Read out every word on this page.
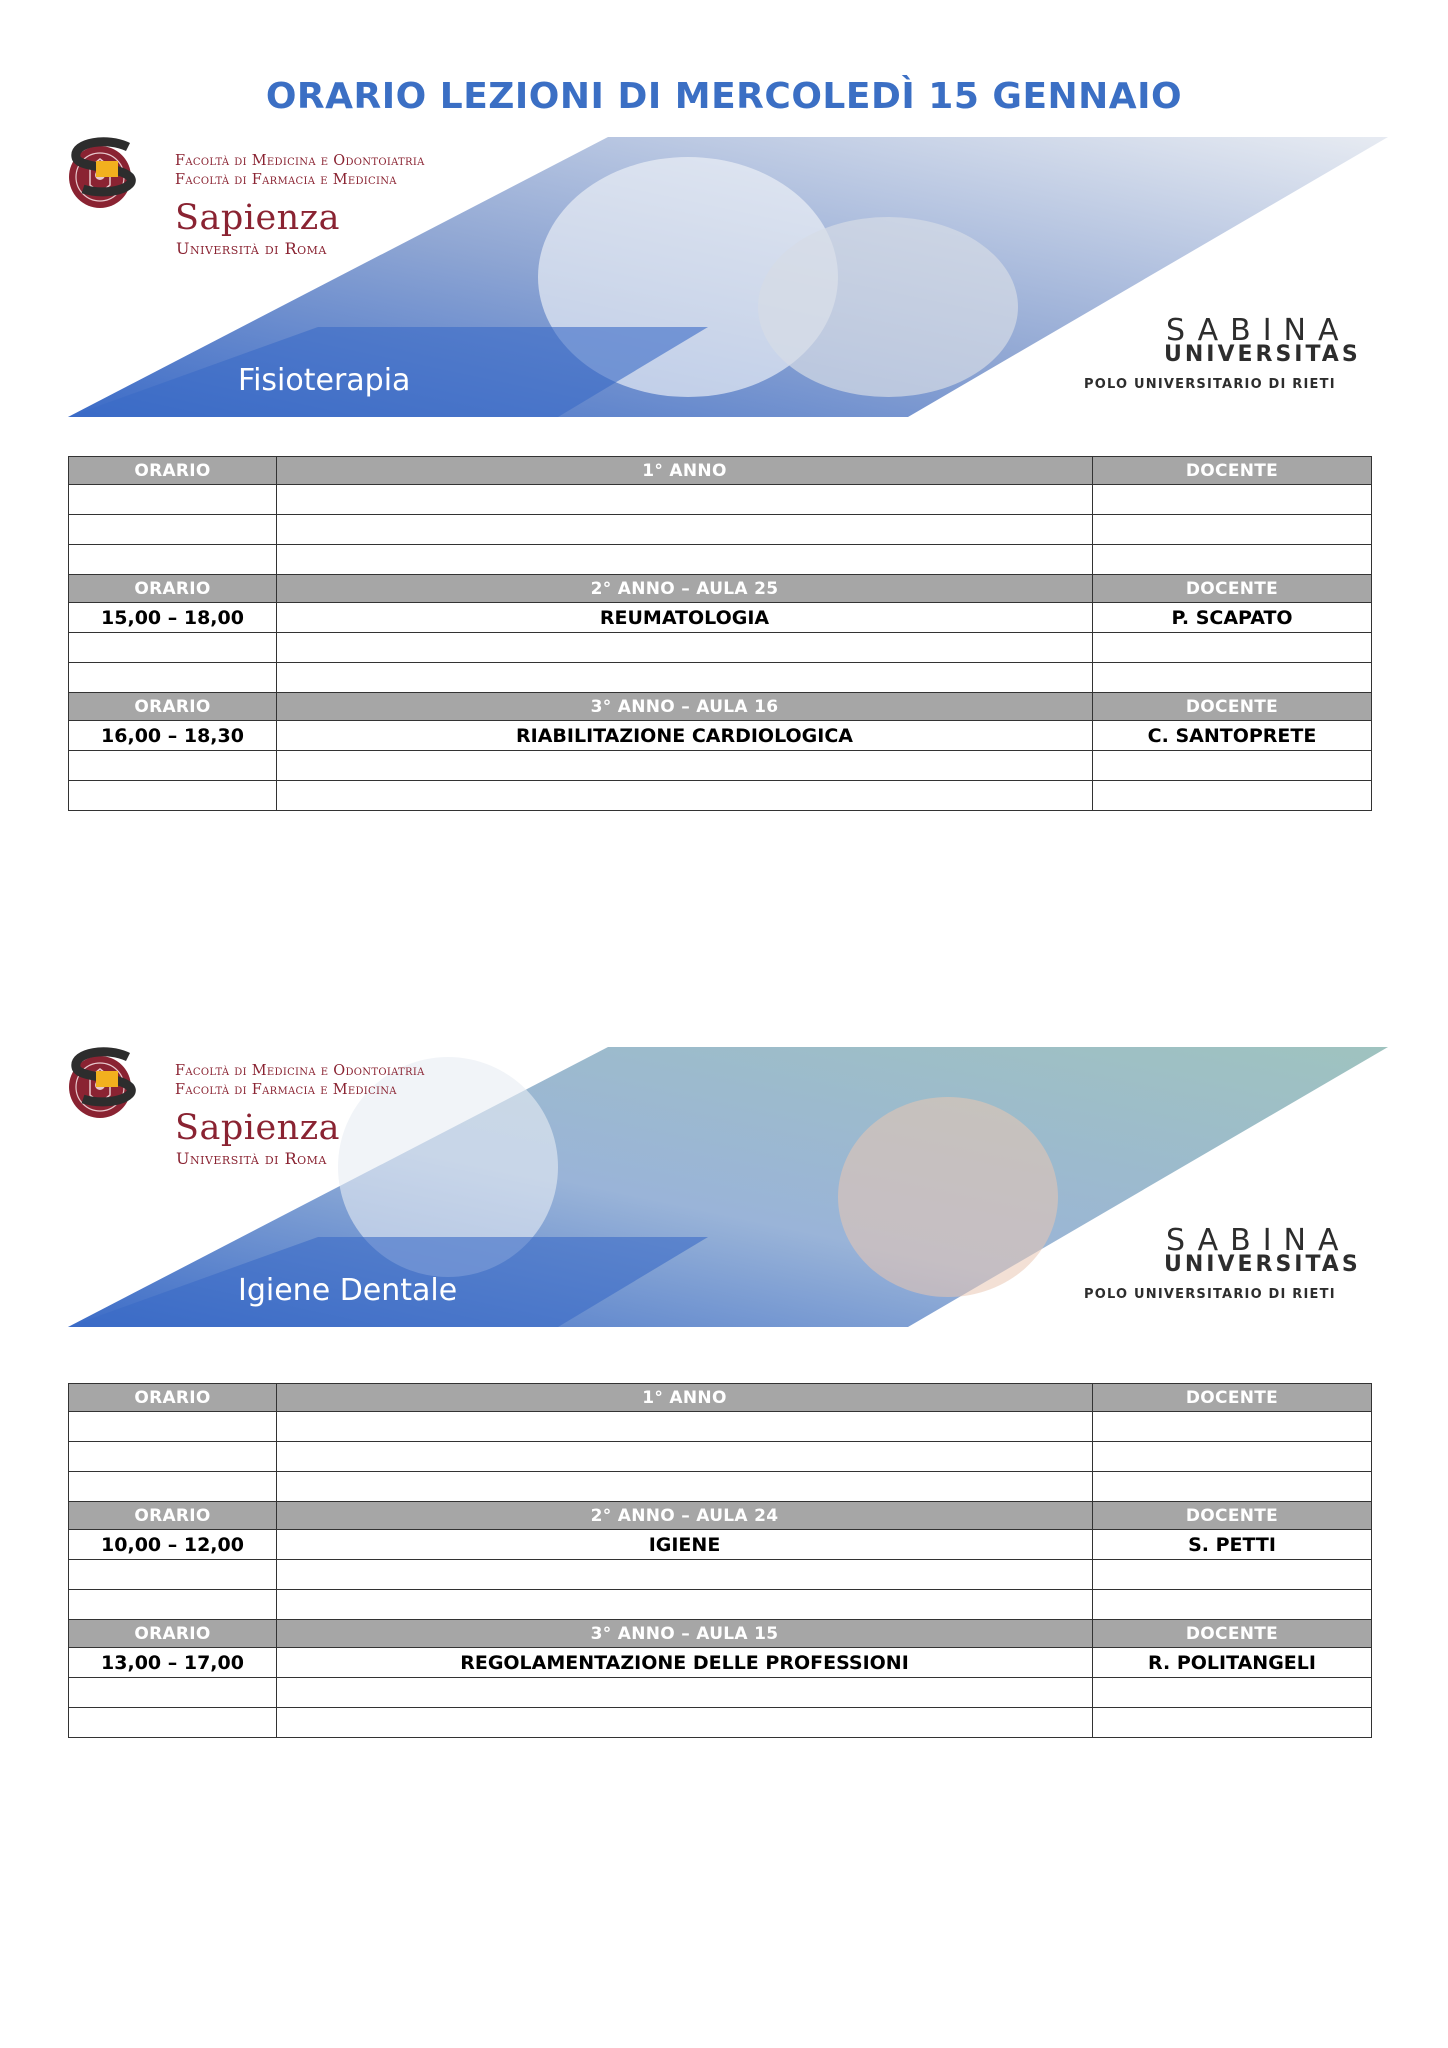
ORARIO LEZIONI DI MERCOLEDÌ 15 GENNAIO
Facoltà di Medicina e Odontoiatria
Facoltà di Farmacia e Medicina
Sapienza
Università di Roma
Fisioterapia
SABINA
UNIVERSITAS
POLO UNIVERSITARIO DI RIETI
ORARIO	1° ANNO	DOCENTE

ORARIO	2° ANNO – AULA 25	DOCENTE
15,00 – 18,00	REUMATOLOGIA	P. SCAPATO

ORARIO	3° ANNO – AULA 16	DOCENTE
16,00 – 18,30	RIABILITAZIONE CARDIOLOGICA	C. SANTOPRETE

Facoltà di Medicina e Odontoiatria
Facoltà di Farmacia e Medicina
Sapienza
Università di Roma
Igiene Dentale
SABINA
UNIVERSITAS
POLO UNIVERSITARIO DI RIETI
ORARIO	1° ANNO	DOCENTE

ORARIO	2° ANNO – AULA 24	DOCENTE
10,00 – 12,00	IGIENE	S. PETTI

ORARIO	3° ANNO – AULA 15	DOCENTE
13,00 – 17,00	REGOLAMENTAZIONE DELLE PROFESSIONI	R. POLITANGELI
